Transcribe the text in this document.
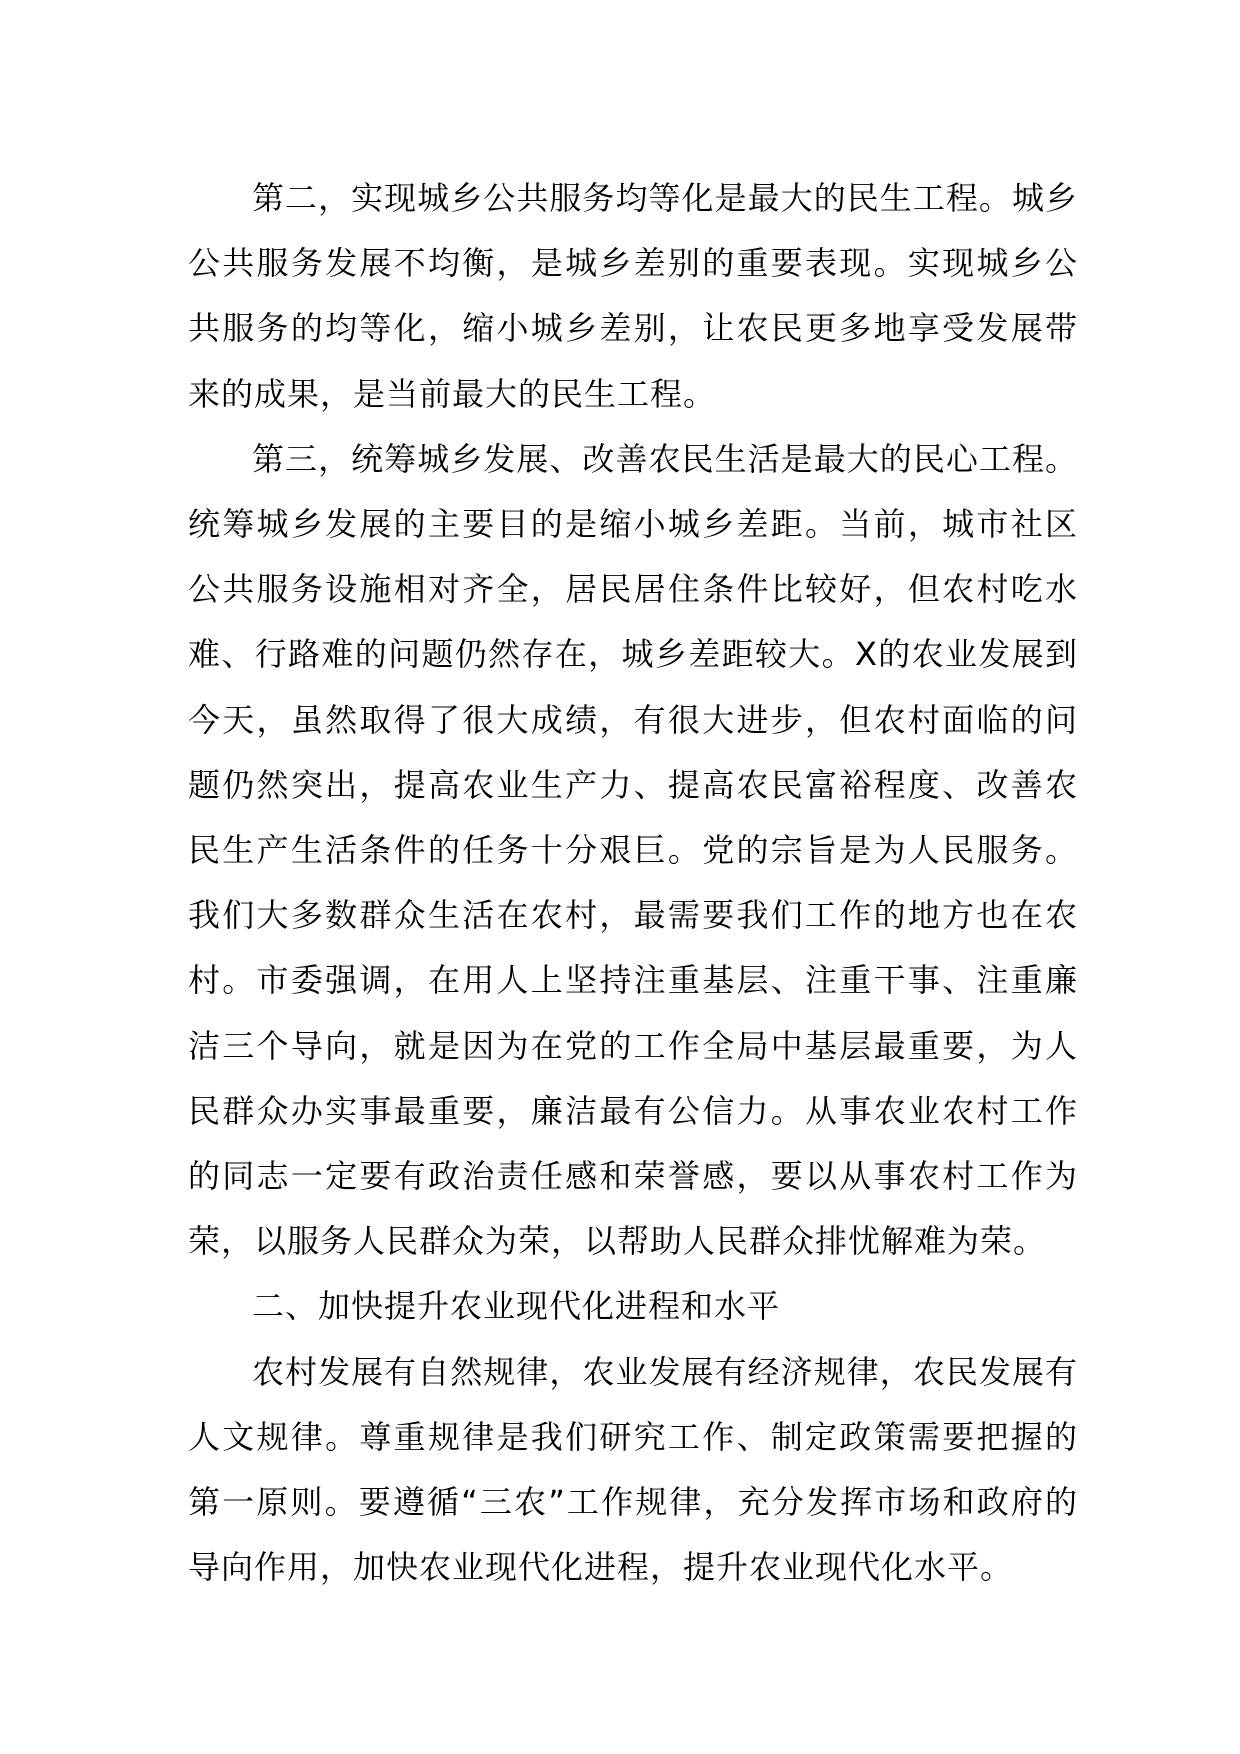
第二，实现城乡公共服务均等化是最大的民生工程。城乡公共服务发展不均衡，是城乡差别的重要表现。实现城乡公共服务的均等化，缩小城乡差别，让农民更多地享受发展带来的成果，是当前最大的民生工程。

第三，统筹城乡发展、改善农民生活是最大的民心工程。统筹城乡发展的主要目的是缩小城乡差距。当前，城市社区公共服务设施相对齐全，居民居住条件比较好，但农村吃水难、行路难的问题仍然存在，城乡差距较大。X的农业发展到今天，虽然取得了很大成绩，有很大进步，但农村面临的问题仍然突出，提高农业生产力、提高农民富裕程度、改善农民生产生活条件的任务十分艰巨。党的宗旨是为人民服务。我们大多数群众生活在农村，最需要我们工作的地方也在农村。市委强调，在用人上坚持注重基层、注重干事、注重廉洁三个导向，就是因为在党的工作全局中基层最重要，为人民群众办实事最重要，廉洁最有公信力。从事农业农村工作的同志一定要有政治责任感和荣誉感，要以从事农村工作为荣，以服务人民群众为荣，以帮助人民群众排忧解难为荣。

二、加快提升农业现代化进程和水平

农村发展有自然规律，农业发展有经济规律，农民发展有人文规律。尊重规律是我们研究工作、制定政策需要把握的第一原则。要遵循“三农”工作规律，充分发挥市场和政府的导向作用，加快农业现代化进程，提升农业现代化水平。
